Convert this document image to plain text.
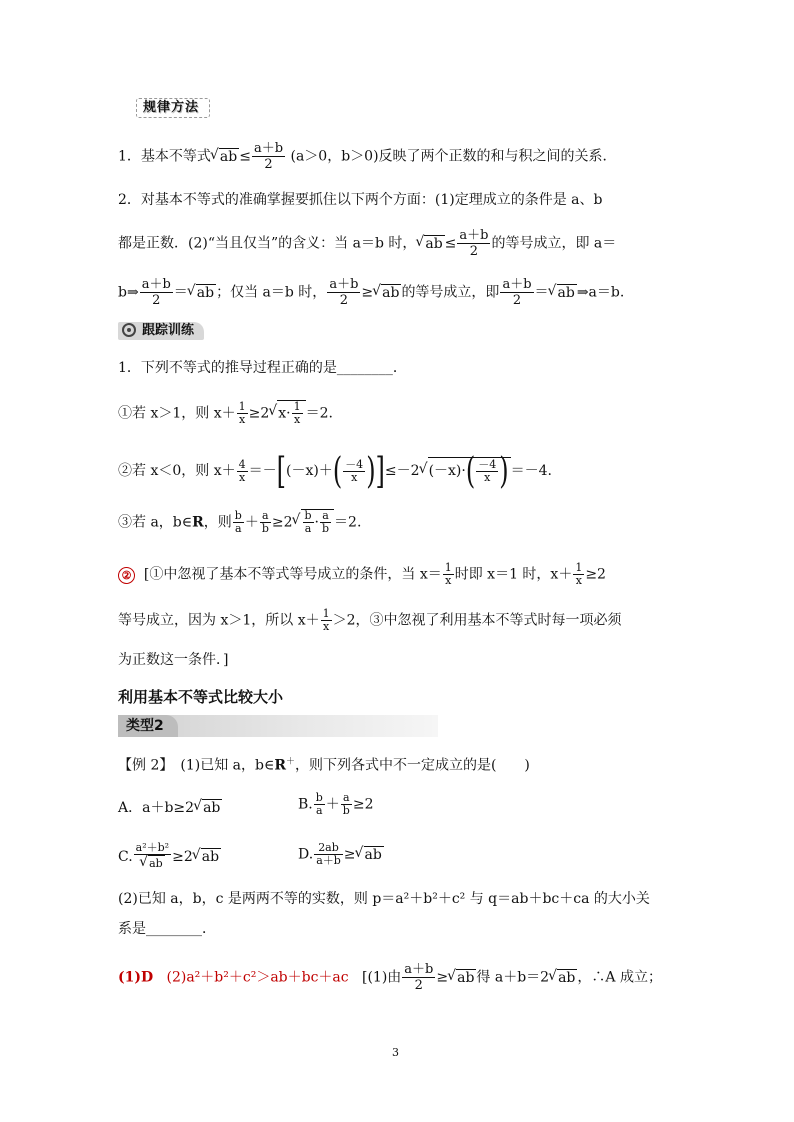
规律方法
1．基本不等式√ ab ≤ $\frac{a+b}{2} (a>0$，b＞0)反映了两个正数的和与积之间的关系．
2．对基本不等式的准确掌握要抓住以下两个方面：(1)定理成立的条件是 a、b
都是正数．(2)“当且仅当”的含义：当 a＝b 时，√ ab ≤ $\frac{a+b}{2}$ 的等号成立，即 a＝
b⇒ $\frac{a+b}{2}$ ＝√ ab ；仅当 a＝b 时， $\frac{a+b}{2}$ ≥√ ab 的等号成立，即 $\frac{a+b}{2}$ ＝√ ab ⇒a＝b.
跟踪训练
1．下列不等式的推导过程正确的是________．
①若 x＞1，则 $x+ \frac{1}{x} \ge 2√$ $x\cdot \frac{1}{x} =2$.
②若 x＜0，则 $x+ \frac{4}{x} =-[(-x)+( \frac{-4}{x} )]\le-2√$ $(-x)\cdot( \frac{-4}{x}$ ) ＝－4.
③若 a，b∈R，则 $\frac{b}{a} + \frac{a}{b} \ge 2$
√ $\frac{b}{a} \cdot \frac{a}{b} =2$.
② [①中忽视了基本不等式等号成立的条件，当 $x= \frac{1}{x}$ 时即 x＝1 时，$x+ \frac{1}{x} \ge 2$
等号成立，因为 x＞1，所以 $x+ \frac{1}{x} >2$，③中忽视了利用基本不等式时每一项必须
为正数这一条件．]
利用基本不等式比较大小
类型2
【例 2】　(1)已知 a，b∈R＋，则下列各式中不一定成立的是(　　)
A．a＋b≥2√ ab	B. $\frac{b}{a} + \frac{a}{b} \ge 2$
C. a²＋b²
√ ab ≥2√ ab	D. $\frac{2ab}{a+b}$ ≥√ ab
(2)已知 a，b，c 是两两不等的实数，则 p＝a²＋b²＋c² 与 q＝ab＋bc＋ca 的大小关
系是________．
(1)D (2)a²＋b²＋c²＞ab＋bc＋ac [(1)由 $\frac{a+b}{2}$ ≥√ ab 得 a＋b＝2√ ab ，∴A 成立；
3
